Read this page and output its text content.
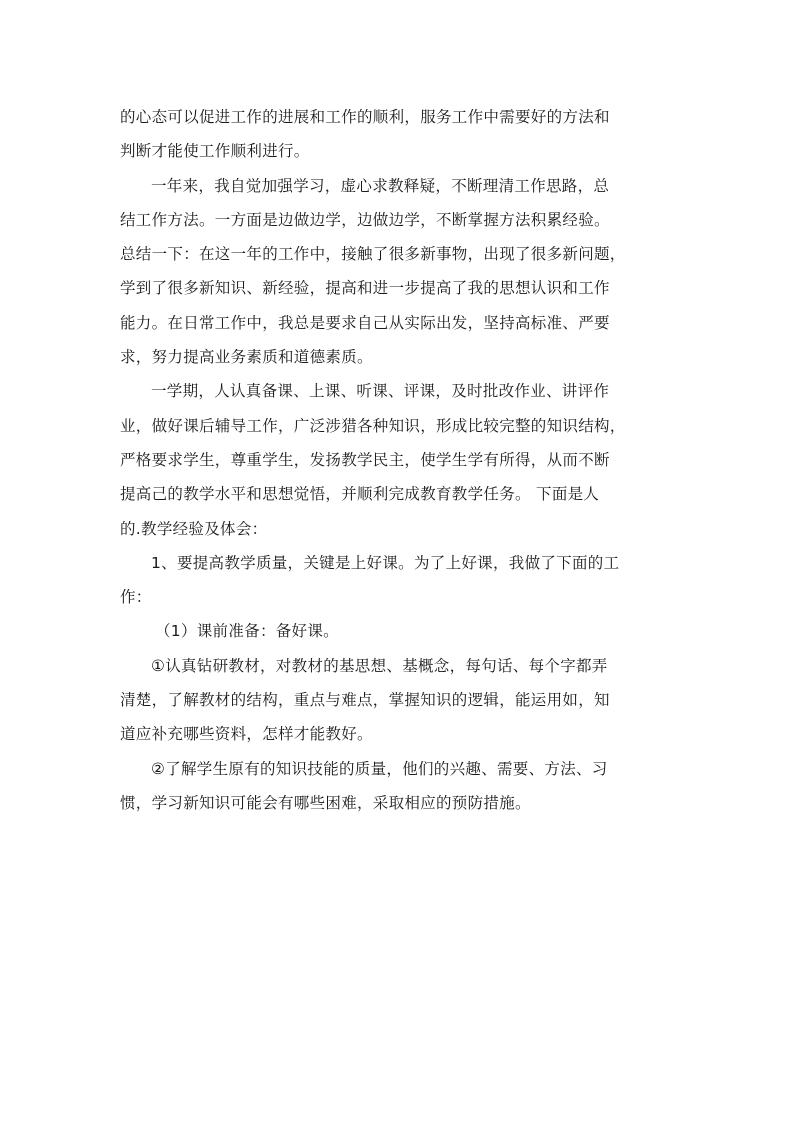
的心态可以促进工作的进展和工作的顺利，服务工作中需要好的方法和
判断才能使工作顺利进行。
一年来，我自觉加强学习，虚心求教释疑，不断理清工作思路，总
结工作方法。一方面是边做边学，边做边学，不断掌握方法积累经验。
总结一下：在这一年的工作中，接触了很多新事物，出现了很多新问题，
学到了很多新知识、新经验，提高和进一步提高了我的思想认识和工作
能力。在日常工作中，我总是要求自己从实际出发，坚持高标准、严要
求，努力提高业务素质和道德素质。
一学期，人认真备课、上课、听课、评课，及时批改作业、讲评作
业，做好课后辅导工作，广泛涉猎各种知识，形成比较完整的知识结构，
严格要求学生，尊重学生，发扬教学民主，使学生学有所得，从而不断
提高己的教学水平和思想觉悟，并顺利完成教育教学任务。 下面是人
的.教学经验及体会：
1、要提高教学质量，关键是上好课。为了上好课，我做了下面的工
作：
（1）课前准备：备好课。
①认真钻研教材，对教材的基思想、基概念，每句话、每个字都弄
清楚，了解教材的结构，重点与难点，掌握知识的逻辑，能运用如，知
道应补充哪些资料，怎样才能教好。
②了解学生原有的知识技能的质量，他们的兴趣、需要、方法、习
惯，学习新知识可能会有哪些困难，采取相应的预防措施。
